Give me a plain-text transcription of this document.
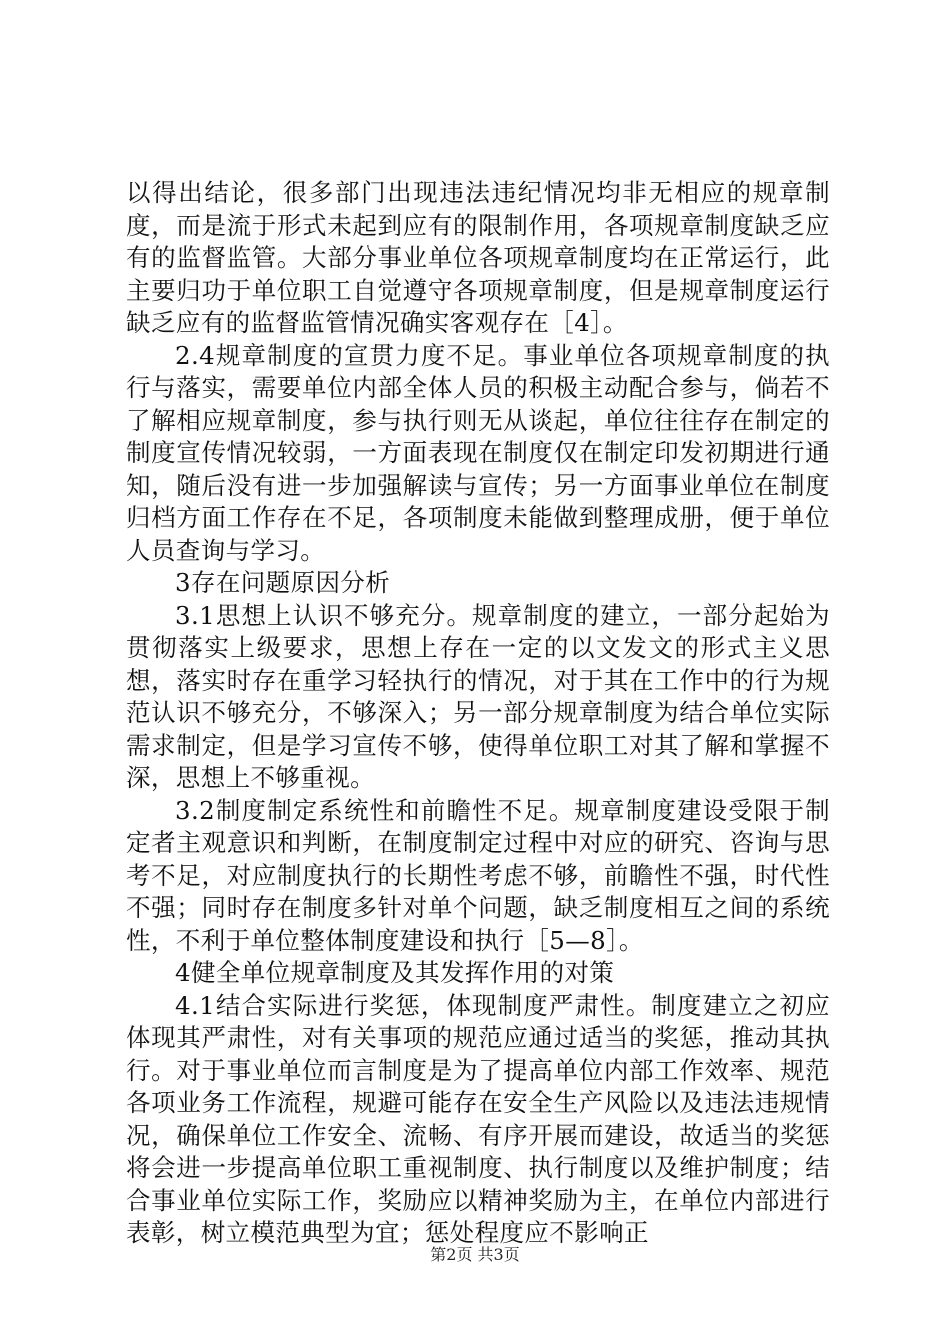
以得出结论，很多部门出现违法违纪情况均非无相应的规章制度，而是流于形式未起到应有的限制作用，各项规章制度缺乏应有的监督监管。大部分事业单位各项规章制度均在正常运行，此主要归功于单位职工自觉遵守各项规章制度，但是规章制度运行缺乏应有的监督监管情况确实客观存在［4］。

2.4规章制度的宣贯力度不足。事业单位各项规章制度的执行与落实，需要单位内部全体人员的积极主动配合参与，倘若不了解相应规章制度，参与执行则无从谈起，单位往往存在制定的制度宣传情况较弱，一方面表现在制度仅在制定印发初期进行通知，随后没有进一步加强解读与宣传；另一方面事业单位在制度归档方面工作存在不足，各项制度未能做到整理成册，便于单位人员查询与学习。

3存在问题原因分析

3.1思想上认识不够充分。规章制度的建立，一部分起始为贯彻落实上级要求，思想上存在一定的以文发文的形式主义思想，落实时存在重学习轻执行的情况，对于其在工作中的行为规范认识不够充分，不够深入；另一部分规章制度为结合单位实际需求制定，但是学习宣传不够，使得单位职工对其了解和掌握不深，思想上不够重视。

3.2制度制定系统性和前瞻性不足。规章制度建设受限于制定者主观意识和判断，在制度制定过程中对应的研究、咨询与思考不足，对应制度执行的长期性考虑不够，前瞻性不强，时代性不强；同时存在制度多针对单个问题，缺乏制度相互之间的系统性，不利于单位整体制度建设和执行［5—8］。

4健全单位规章制度及其发挥作用的对策

4.1结合实际进行奖惩，体现制度严肃性。制度建立之初应体现其严肃性，对有关事项的规范应通过适当的奖惩，推动其执行。对于事业单位而言制度是为了提高单位内部工作效率、规范各项业务工作流程，规避可能存在安全生产风险以及违法违规情况，确保单位工作安全、流畅、有序开展而建设，故适当的奖惩将会进一步提高单位职工重视制度、执行制度以及维护制度；结合事业单位实际工作，奖励应以精神奖励为主，在单位内部进行表彰，树立模范典型为宜；惩处程度应不影响正

第2页 共3页
